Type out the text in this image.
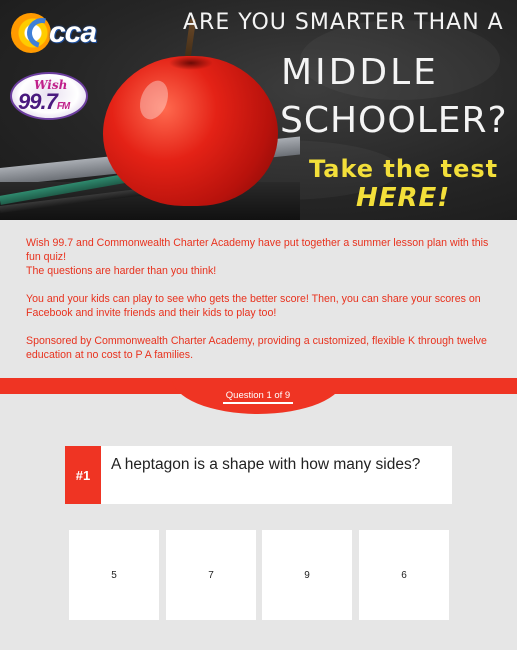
cca
Wish
99.7FM
ARE YOU SMARTER THAN A
MIDDLE
SCHOOLER?
Take the test
HERE!

Wish 99.7 and Commonwealth Charter Academy have put together a summer lesson plan with this fun quiz!
The questions are harder than you think!

You and your kids can play to see who gets the better score! Then, you can share your scores on Facebook and invite friends and their kids to play too!

Sponsored by Commonwealth Charter Academy, providing a customized, flexible K through twelve education at no cost to P A families.

Question 1 of 9
#1
A heptagon is a shape with how many sides?
5	7	9	6
